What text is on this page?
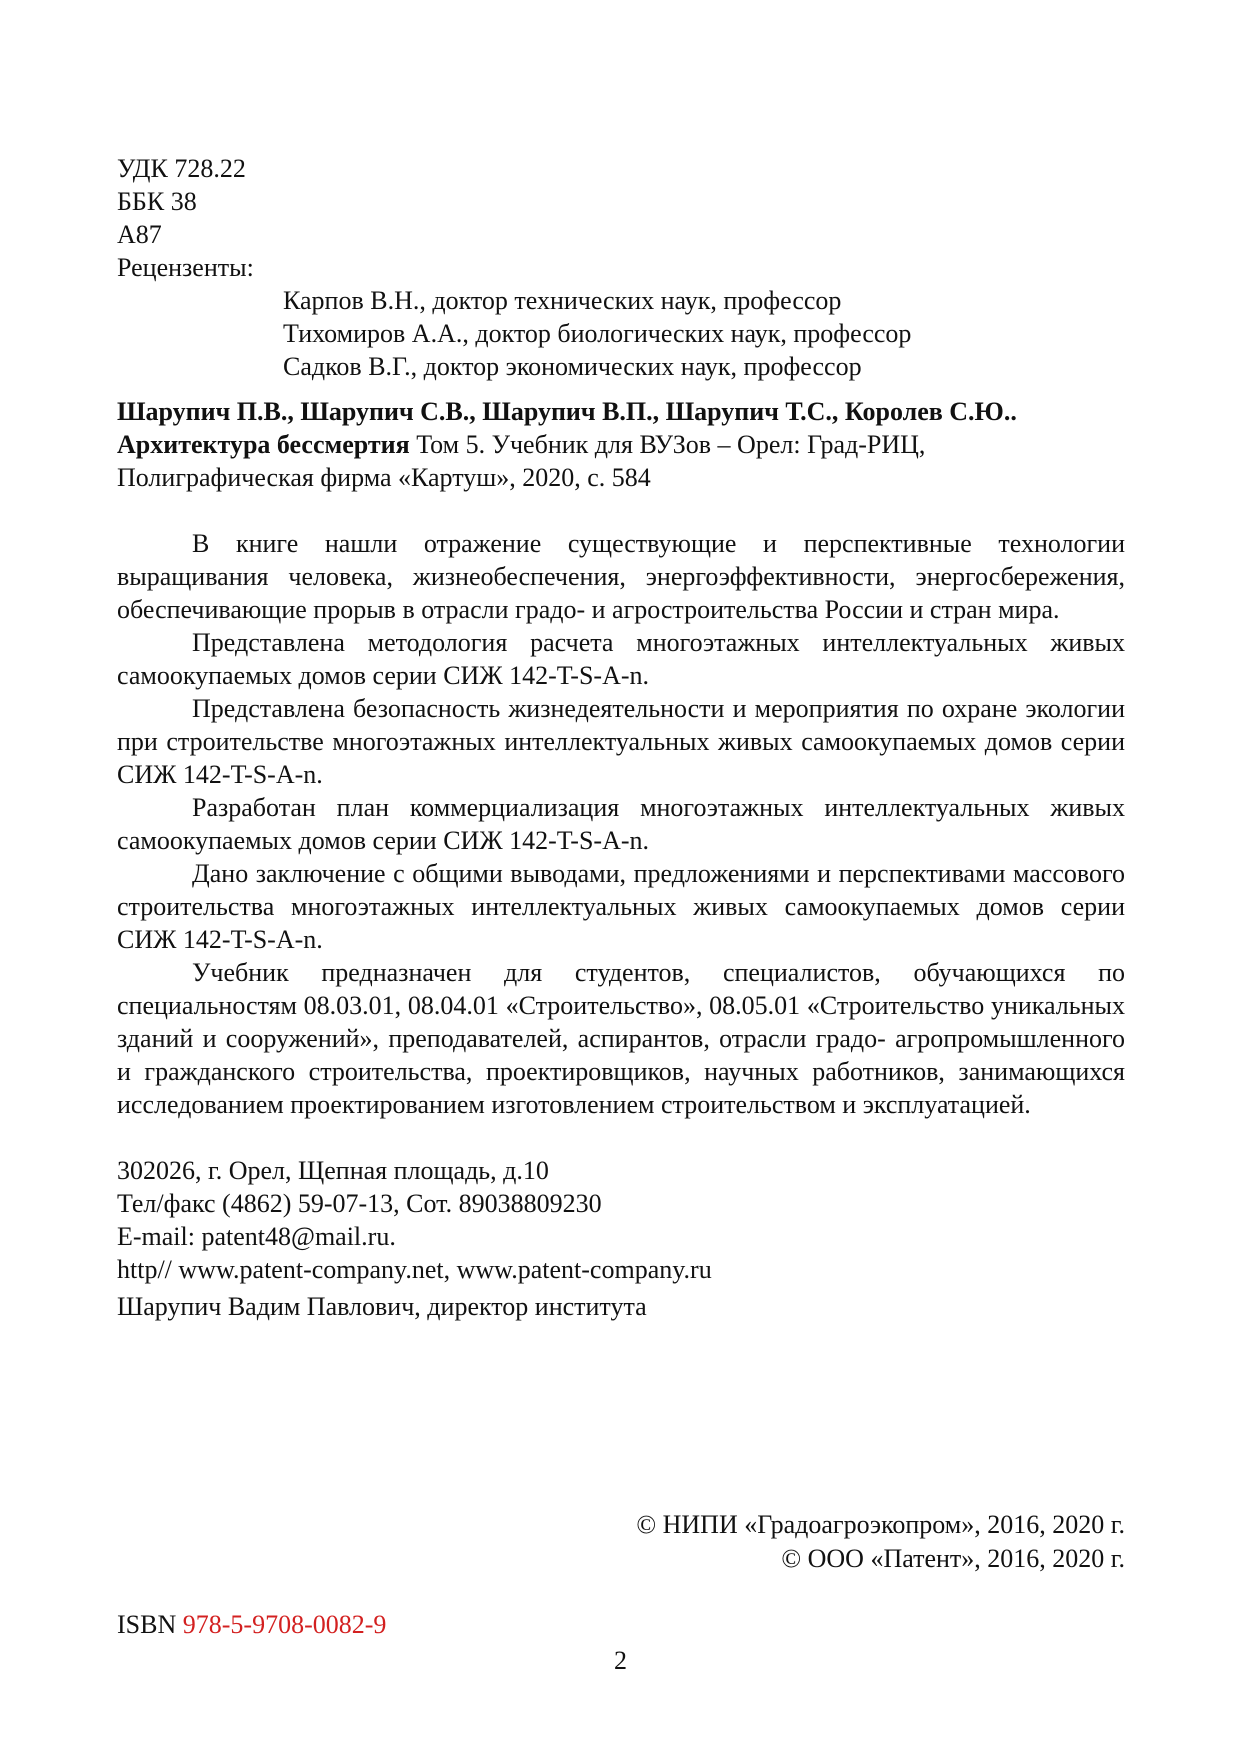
УДК 728.22
ББК 38
А87
Рецензенты:
Карпов В.Н., доктор технических наук, профессор
Тихомиров А.А., доктор биологических наук, профессор
Садков В.Г., доктор экономических наук, профессор
Шарупич П.В., Шарупич С.В., Шарупич В.П., Шарупич Т.С., Королев С.Ю.. Архитектура бессмертия Том 5. Учебник для ВУЗов – Орел: Град-РИЦ, Полиграфическая фирма «Картуш», 2020, с. 584

В книге нашли отражение существующие и перспективные технологии выращивания человека, жизнеобеспечения, энергоэффективности, энергосбережения, обеспечивающие прорыв в отрасли градо- и агростроительства России и стран мира.

Представлена методология расчета многоэтажных интеллектуальных живых самоокупаемых домов серии СИЖ 142-T-S-A-n.

Представлена безопасность жизнедеятельности и мероприятия по охране экологии при строительстве многоэтажных интеллектуальных живых самоокупаемых домов серии СИЖ 142-T-S-A-n.

Разработан план коммерциализация многоэтажных интеллектуальных живых самоокупаемых домов серии СИЖ 142-T-S-A-n.

Дано заключение с общими выводами, предложениями и перспективами массового строительства многоэтажных интеллектуальных живых самоокупаемых домов серии СИЖ 142-T-S-A-n.

Учебник предназначен для студентов, специалистов, обучающихся по специальностям 08.03.01, 08.04.01 «Строительство», 08.05.01 «Строительство уникальных зданий и сооружений», преподавателей, аспирантов, отрасли градо- агропромышленного и гражданского строительства, проектировщиков, научных работников, занимающихся исследованием проектированием изготовлением строительством и эксплуатацией.

302026, г. Орел, Щепная площадь, д.10
Тел/факс (4862) 59-07-13, Сот. 89038809230
E-mail: patent48@mail.ru.
http// www.patent-company.net, www.patent-company.ru
Шарупич Вадим Павлович, директор института
© НИПИ «Градоагроэкопром», 2016, 2020 г.
© ООО «Патент», 2016, 2020 г.
ISBN 978-5-9708-0082-9
2
